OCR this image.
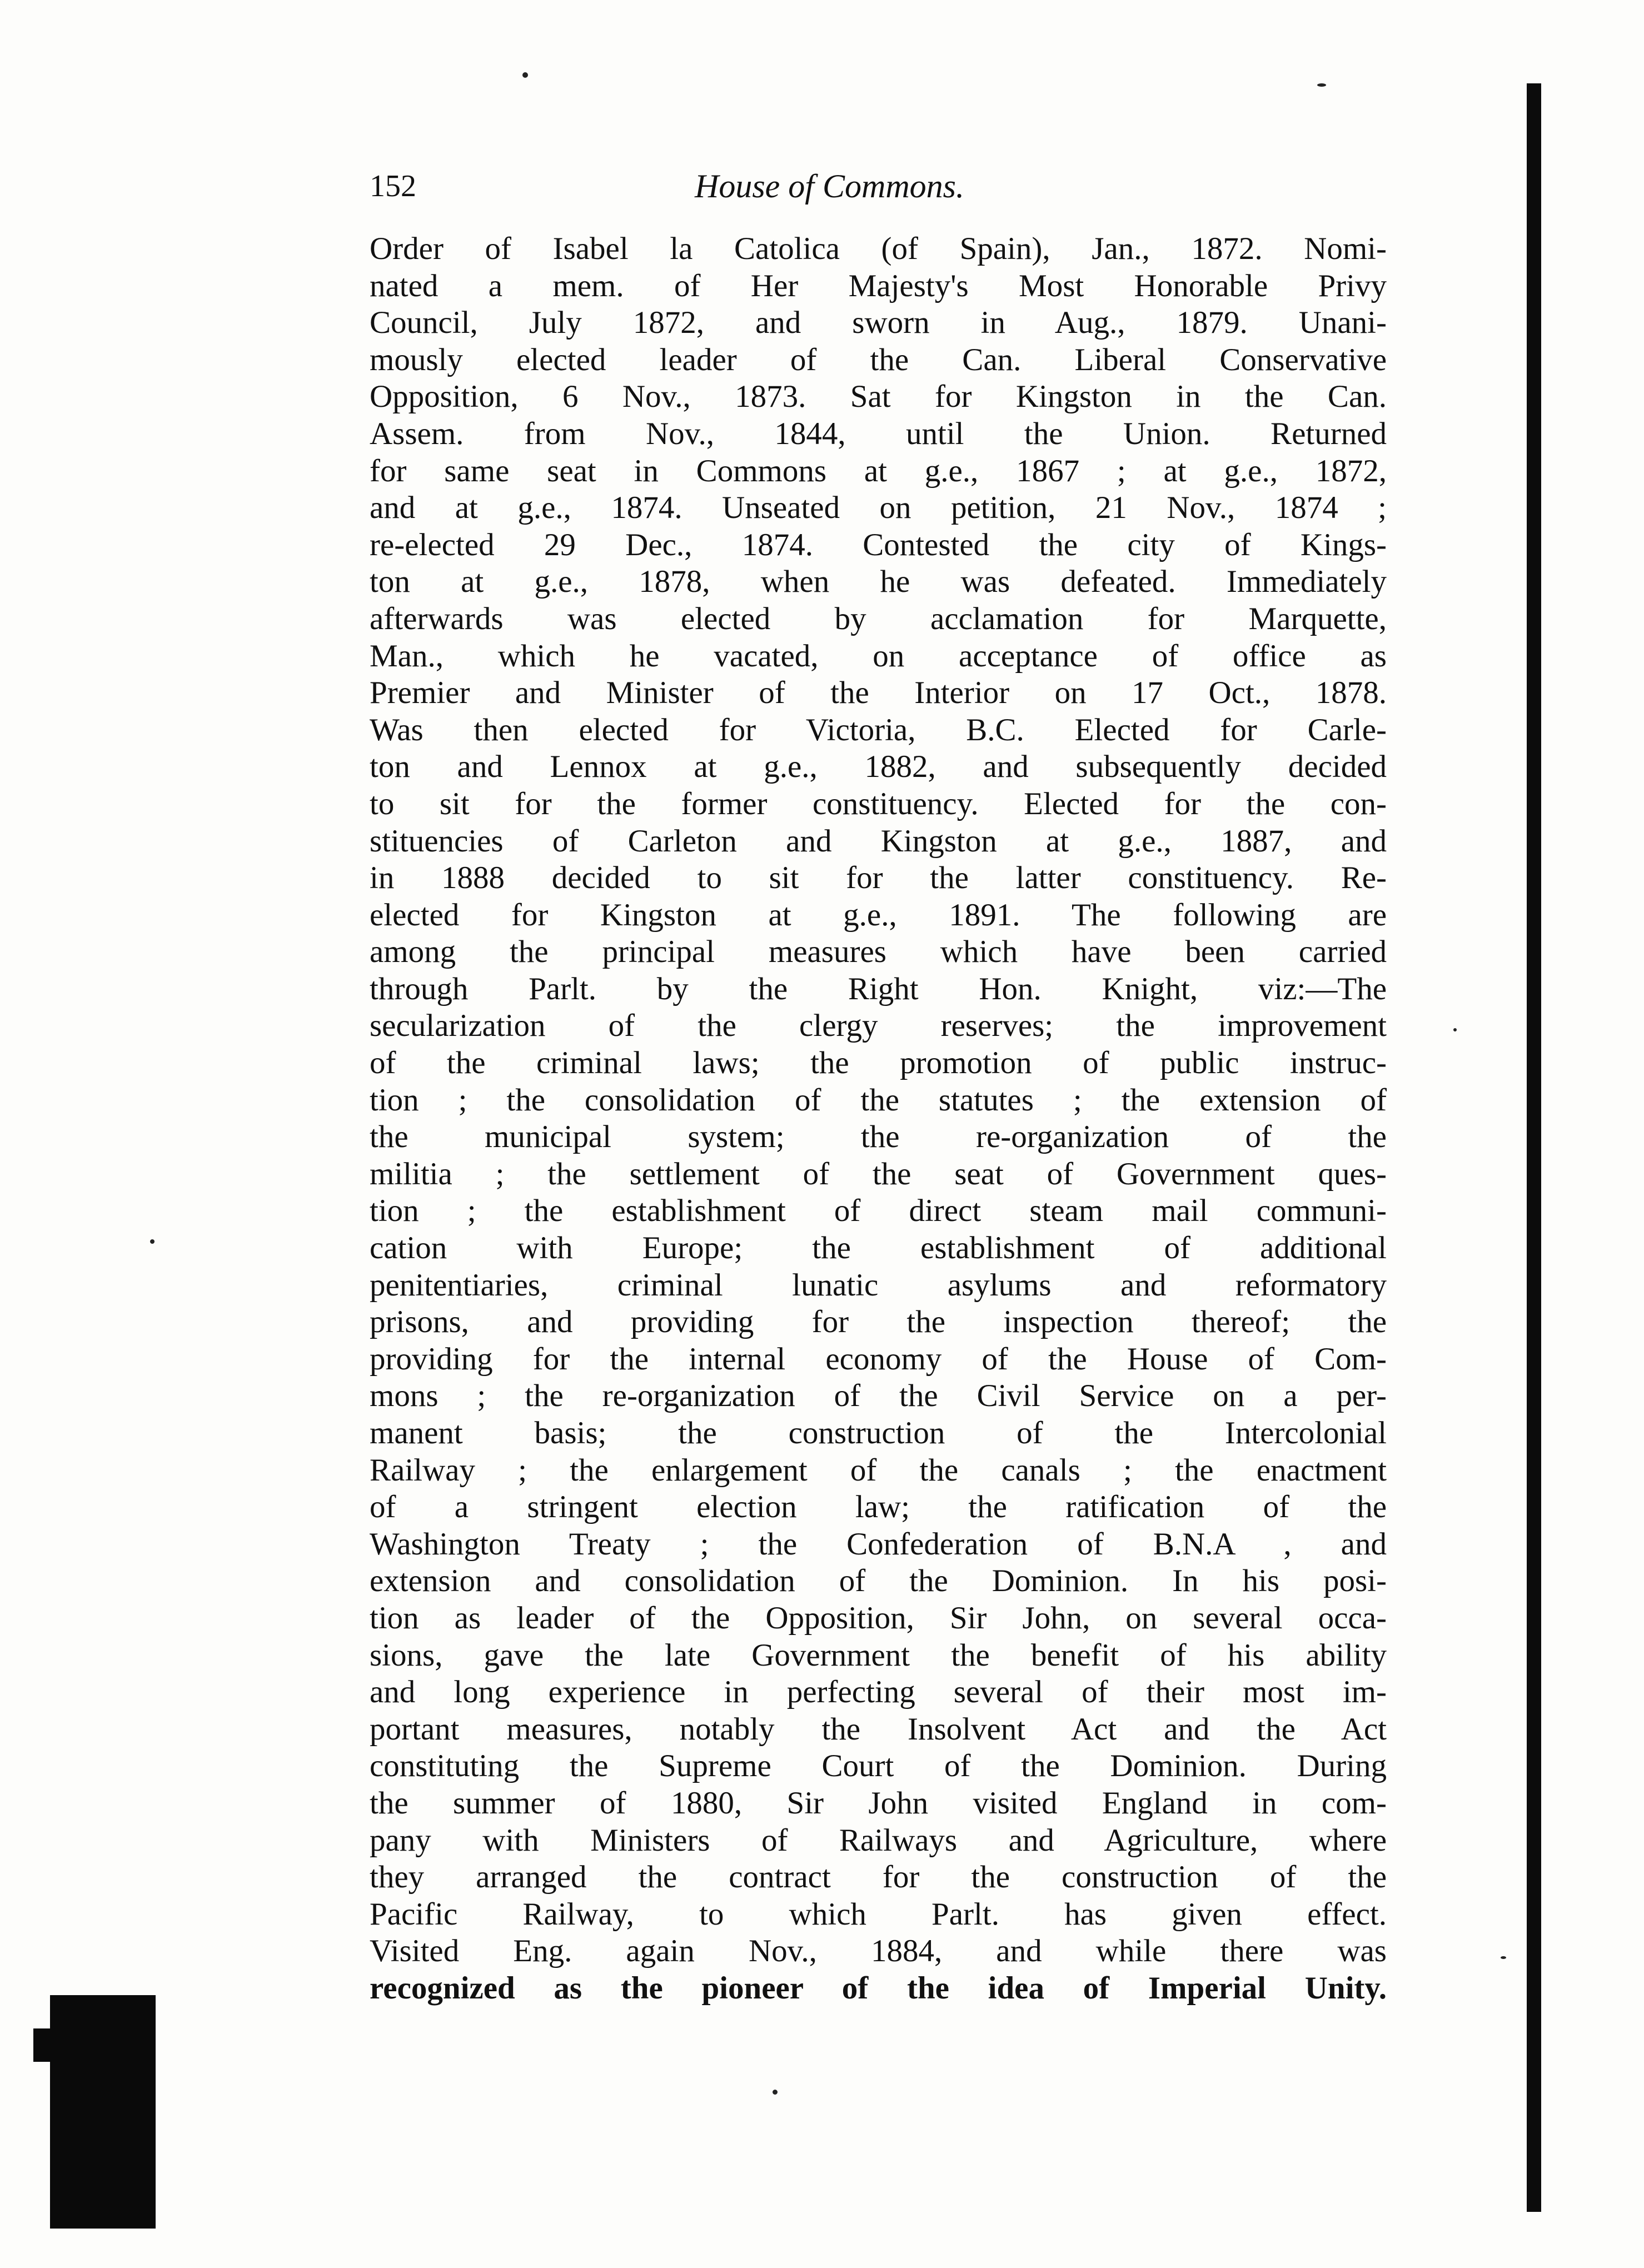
152	House of Commons.
Order of Isabel la Catolica (of Spain), Jan., 1872. Nomi-
nated a mem. of Her Majesty's Most Honorable Privy
Council, July 1872, and sworn in Aug., 1879. Unani-
mously elected leader of the Can. Liberal Conservative
Opposition, 6 Nov., 1873. Sat for Kingston in the Can.
Assem. from Nov., 1844, until the Union. Returned
for same seat in Commons at g.e., 1867 ; at g.e., 1872,
and at g.e., 1874. Unseated on petition, 21 Nov., 1874 ;
re-elected 29 Dec., 1874. Contested the city of Kings-
ton at g.e., 1878, when he was defeated. Immediately
afterwards was elected by acclamation for Marquette,
Man., which he vacated, on acceptance of office as
Premier and Minister of the Interior on 17 Oct., 1878.
Was then elected for Victoria, B.C. Elected for Carle-
ton and Lennox at g.e., 1882, and subsequently decided
to sit for the former constituency. Elected for the con-
stituencies of Carleton and Kingston at g.e., 1887, and
in 1888 decided to sit for the latter constituency. Re-
elected for Kingston at g.e., 1891. The following are
among the principal measures which have been carried
through Parlt. by the Right Hon. Knight, viz:—The
secularization of the clergy reserves; the improvement
of the criminal laws; the promotion of public instruc-
tion ; the consolidation of the statutes ; the extension of
the municipal system; the re-organization of the
militia ; the settlement of the seat of Government ques-
tion ; the establishment of direct steam mail communi-
cation with Europe; the establishment of additional
penitentiaries, criminal lunatic asylums and reformatory
prisons, and providing for the inspection thereof; the
providing for the internal economy of the House of Com-
mons ; the re-organization of the Civil Service on a per-
manent basis; the construction of the Intercolonial
Railway ; the enlargement of the canals ; the enactment
of a stringent election law; the ratification of the
Washington Treaty ; the Confederation of B.N.A , and
extension and consolidation of the Dominion. In his posi-
tion as leader of the Opposition, Sir John, on several occa-
sions, gave the late Government the benefit of his ability
and long experience in perfecting several of their most im-
portant measures, notably the Insolvent Act and the Act
constituting the Supreme Court of the Dominion. During
the summer of 1880, Sir John visited England in com-
pany with Ministers of Railways and Agriculture, where
they arranged the contract for the construction of the
Pacific Railway, to which Parlt. has given effect.
Visited Eng. again Nov., 1884, and while there was
recognized as the pioneer of the idea of Imperial Unity.
